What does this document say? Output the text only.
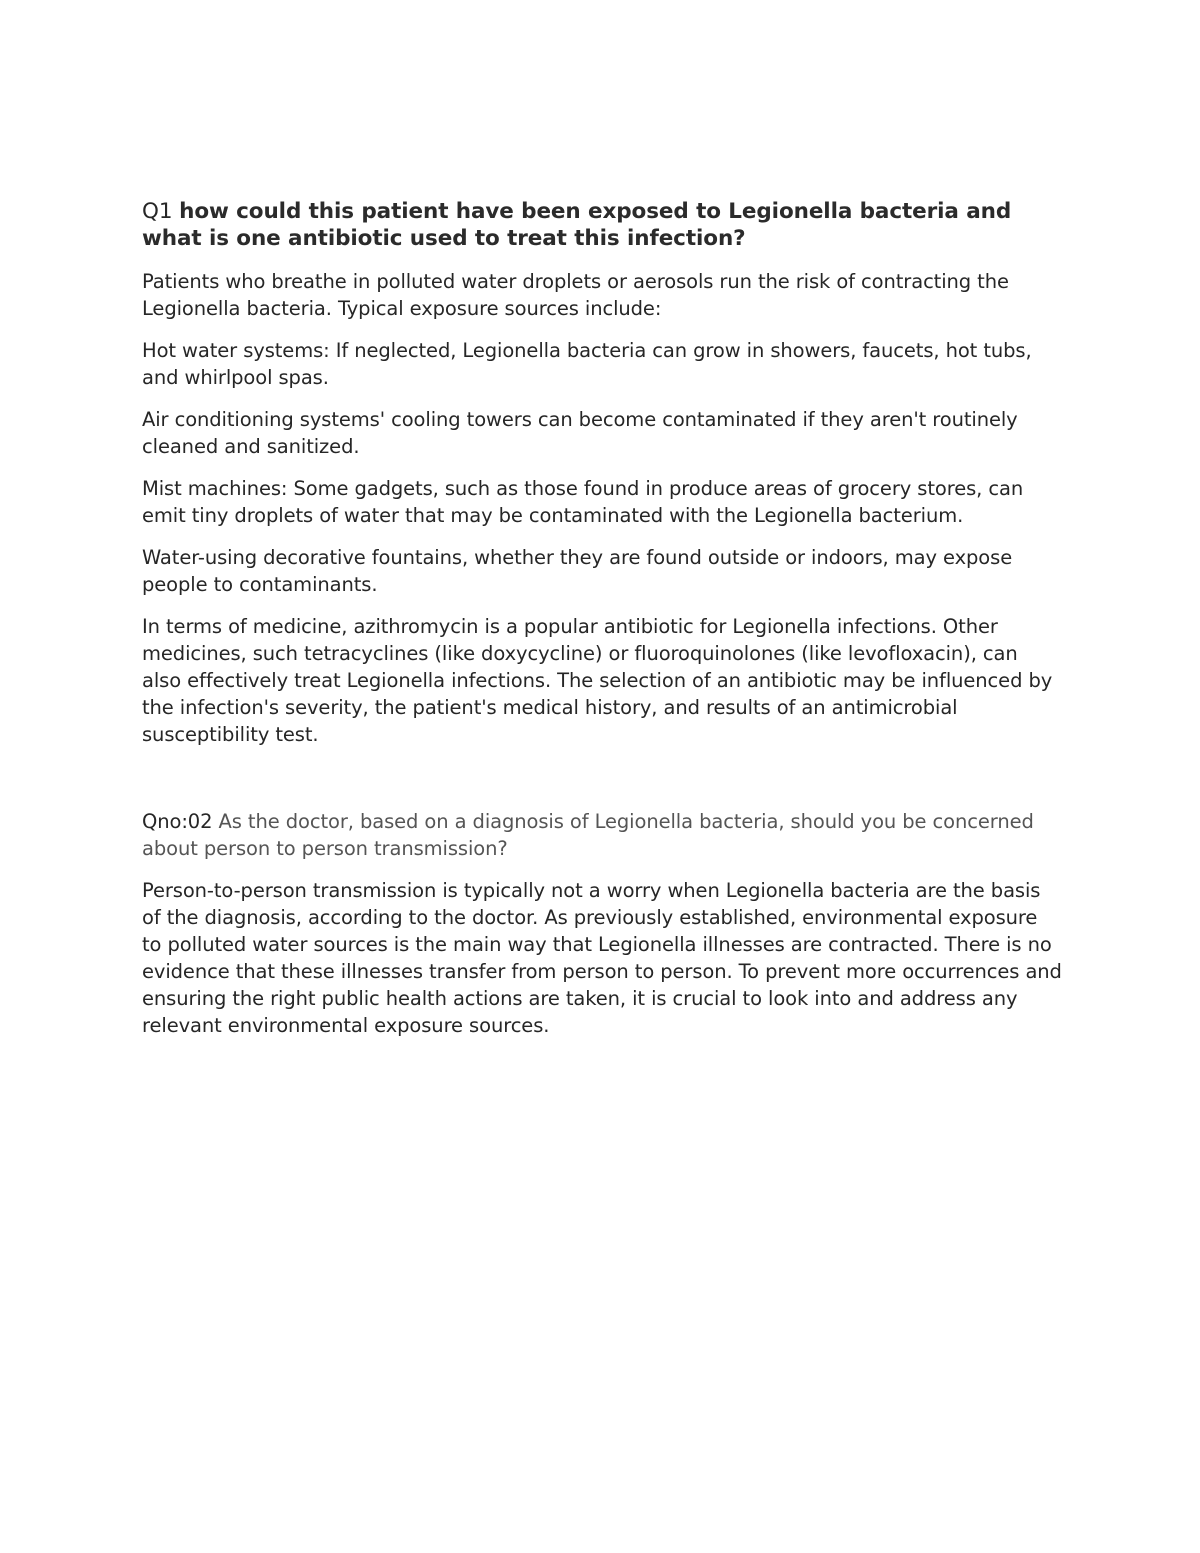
Q1 how could this patient have been exposed to Legionella bacteria and what is one antibiotic used to treat this infection?

Patients who breathe in polluted water droplets or aerosols run the risk of contracting the Legionella bacteria. Typical exposure sources include:

Hot water systems: If neglected, Legionella bacteria can grow in showers, faucets, hot tubs, and whirlpool spas.

Air conditioning systems' cooling towers can become contaminated if they aren't routinely cleaned and sanitized.

Mist machines: Some gadgets, such as those found in produce areas of grocery stores, can emit tiny droplets of water that may be contaminated with the Legionella bacterium.

Water-using decorative fountains, whether they are found outside or indoors, may expose people to contaminants.

In terms of medicine, azithromycin is a popular antibiotic for Legionella infections. Other medicines, such tetracyclines (like doxycycline) or fluoroquinolones (like levofloxacin), can also effectively treat Legionella infections. The selection of an antibiotic may be influenced by the infection's severity, the patient's medical history, and results of an antimicrobial susceptibility test.

Qno:02 As the doctor, based on a diagnosis of Legionella bacteria, should you be concerned about person to person transmission?

Person-to-person transmission is typically not a worry when Legionella bacteria are the basis of the diagnosis, according to the doctor. As previously established, environmental exposure to polluted water sources is the main way that Legionella illnesses are contracted. There is no evidence that these illnesses transfer from person to person. To prevent more occurrences and ensuring the right public health actions are taken, it is crucial to look into and address any relevant environmental exposure sources.
